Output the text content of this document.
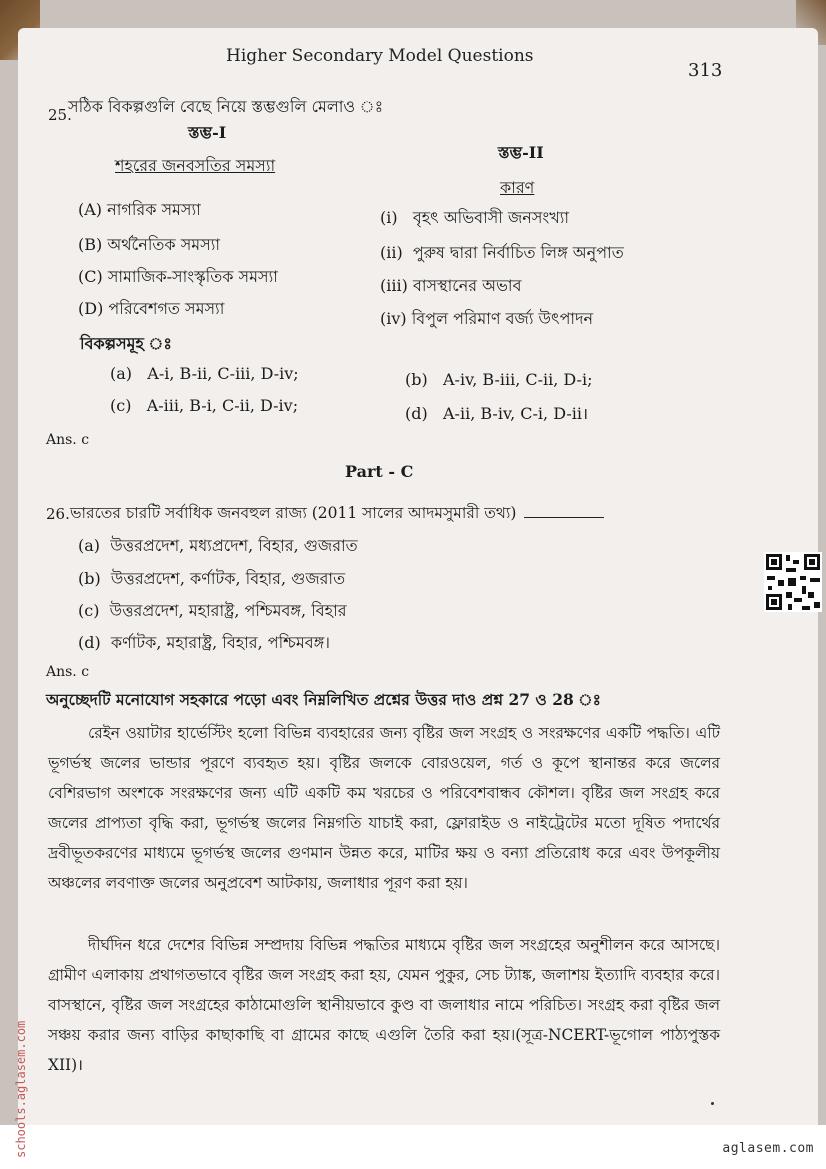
Higher Secondary Model Questions
313
25.
সঠিক বিকল্পগুলি বেছে নিয়ে স্তম্ভগুলি মেলাও ঃ
স্তম্ভ-I
স্তম্ভ-II
শহরের জনবসতির সমস্যা
কারণ
(A) নাগরিক সমস্যা
(B) অর্থনৈতিক সমস্যা
(C) সামাজিক-সাংস্কৃতিক সমস্যা
(D) পরিবেশগত সমস্যা
(i) বৃহৎ অভিবাসী জনসংখ্যা
(ii) পুরুষ দ্বারা নির্বাচিত লিঙ্গ অনুপাত
(iii) বাসস্থানের অভাব
(iv) বিপুল পরিমাণ বর্জ্য উৎপাদন
বিকল্পসমূহ ঃ
(a) A-i, B-ii, C-iii, D-iv;	(b) A-iv, B-iii, C-ii, D-i;
(c) A-iii, B-i, C-ii, D-iv;	(d) A-ii, B-iv, C-i, D-ii।
Ans. c
Part - C
26. ভারতের চারটি সর্বাধিক জনবহুল রাজ্য (2011 সালের আদমসুমারী তথ্য)
(a) উত্তরপ্রদেশ, মধ্যপ্রদেশ, বিহার, গুজরাত
(b) উত্তরপ্রদেশ, কর্ণাটক, বিহার, গুজরাত
(c) উত্তরপ্রদেশ, মহারাষ্ট্র, পশ্চিমবঙ্গ, বিহার
(d) কর্ণাটক, মহারাষ্ট্র, বিহার, পশ্চিমবঙ্গ।
Ans. c
অনুচ্ছেদটি মনোযোগ সহকারে পড়ো এবং নিম্নলিখিত প্রশ্নের উত্তর দাও প্রশ্ন 27 ও 28 ঃ
রেইন ওয়াটার হার্ভেস্টিং হলো বিভিন্ন ব্যবহারের জন্য বৃষ্টির জল সংগ্রহ ও সংরক্ষণের একটি পদ্ধতি। এটি ভূগর্ভস্থ জলের ভান্ডার পূরণে ব্যবহৃত হয়। বৃষ্টির জলকে বোরওয়েল, গর্ত ও কূপে স্থানান্তর করে জলের বেশিরভাগ অংশকে সংরক্ষণের জন্য এটি একটি কম খরচের ও পরিবেশবান্ধব কৌশল। বৃষ্টির জল সংগ্রহ করে জলের প্রাপ্যতা বৃদ্ধি করা, ভূগর্ভস্থ জলের নিম্নগতি যাচাই করা, ফ্লোরাইড ও নাইট্রেটের মতো দূষিত পদার্থের দ্রবীভূতকরণের মাধ্যমে ভূগর্ভস্থ জলের গুণমান উন্নত করে, মাটির ক্ষয় ও বন্যা প্রতিরোধ করে এবং উপকূলীয় অঞ্চলের লবণাক্ত জলের অনুপ্রবেশ আটকায়, জলাধার পূরণ করা হয়।
দীর্ঘদিন ধরে দেশের বিভিন্ন সম্প্রদায় বিভিন্ন পদ্ধতির মাধ্যমে বৃষ্টির জল সংগ্রহের অনুশীলন করে আসছে। গ্রামীণ এলাকায় প্রথাগতভাবে বৃষ্টির জল সংগ্রহ করা হয়, যেমন পুকুর, সেচ ট্যাঙ্ক, জলাশয় ইত্যাদি ব্যবহার করে। বাসস্থানে, বৃষ্টির জল সংগ্রহের কাঠামোগুলি স্থানীয়ভাবে কুণ্ড বা জলাধার নামে পরিচিত। সংগ্রহ করা বৃষ্টির জল সঞ্চয় করার জন্য বাড়ির কাছাকাছি বা গ্রামের কাছে এগুলি তৈরি করা হয়।(সূত্র-NCERT-ভূগোল পাঠ্যপুস্তক XII)।
schools.aglasem.com	aglasem.com
